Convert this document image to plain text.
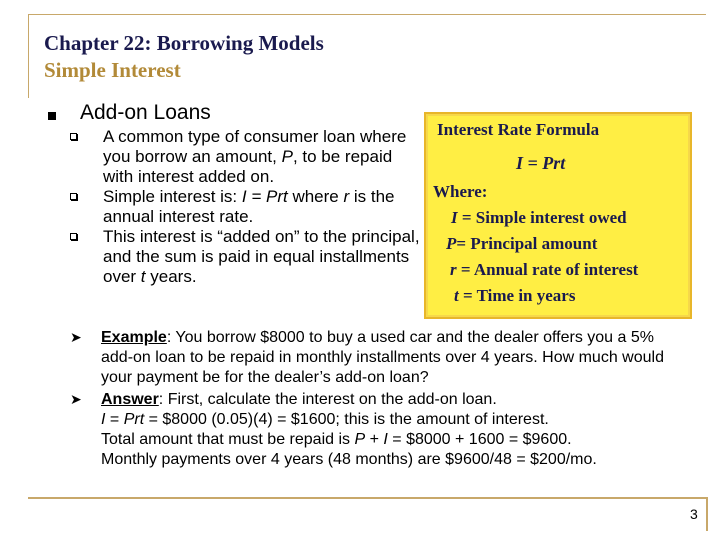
Chapter 22: Borrowing Models
Simple Interest
Add-on Loans
A common type of consumer loan where you borrow an amount, P, to be repaid with interest added on.
Simple interest is: I = Prt where r is the annual interest rate.
This interest is “added on” to the principal, and the sum is paid in equal installments over t years.
Interest Rate Formula
I = Prt
Where:
I = Simple interest owed
P= Principal amount
r = Annual rate of interest
t = Time in years
➤ Example: You borrow $8000 to buy a used car and the dealer offers you a 5% add-on loan to be repaid in monthly installments over 4 years. How much would your payment be for the dealer’s add-on loan?
➤ Answer: First, calculate the interest on the add-on loan.
I = Prt = $8000 (0.05)(4) = $1600; this is the amount of interest.
Total amount that must be repaid is P + I = $8000 + 1600 = $9600.
Monthly payments over 4 years (48 months) are $9600/48 = $200/mo.
3
